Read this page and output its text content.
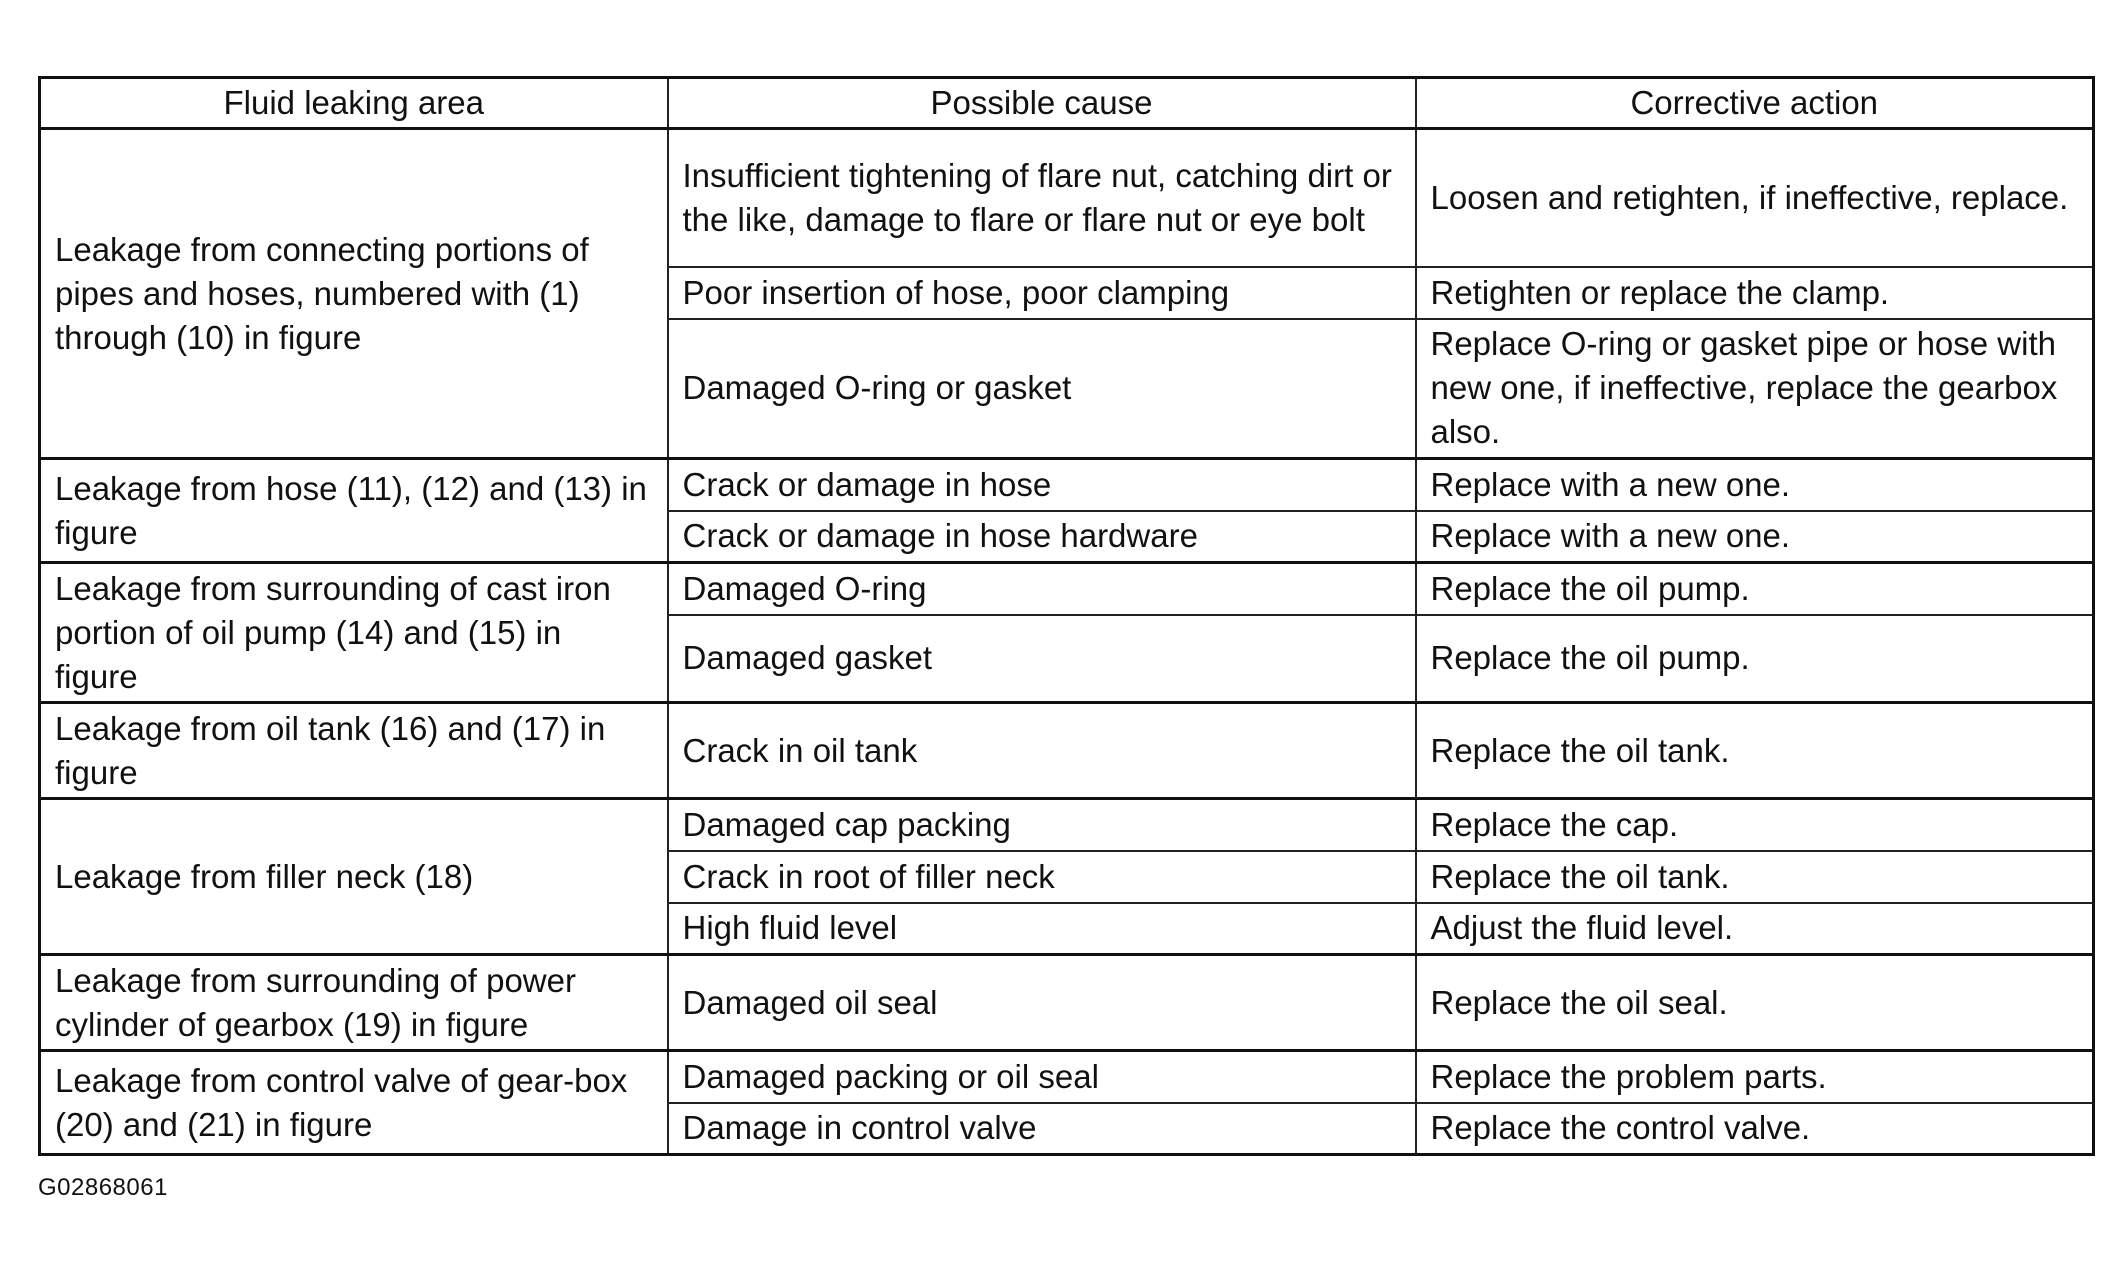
Fluid leaking area	Possible cause	Corrective action
Leakage from connecting portions of pipes and hoses, numbered with (1) through (10) in figure	Insufficient tightening of flare nut, catching dirt or the like, damage to flare or flare nut or eye bolt	Loosen and retighten, if ineffective, replace.
	Poor insertion of hose, poor clamping	Retighten or replace the clamp.
	Damaged O-ring or gasket	Replace O-ring or gasket pipe or hose with new one, if ineffective, replace the gearbox also.
Leakage from hose (11), (12) and (13) in figure	Crack or damage in hose	Replace with a new one.
	Crack or damage in hose hardware	Replace with a new one.
Leakage from surrounding of cast iron portion of oil pump (14) and (15) in figure	Damaged O-ring	Replace the oil pump.
	Damaged gasket	Replace the oil pump.
Leakage from oil tank (16) and (17) in figure	Crack in oil tank	Replace the oil tank.
Leakage from filler neck (18)	Damaged cap packing	Replace the cap.
	Crack in root of filler neck	Replace the oil tank.
	High fluid level	Adjust the fluid level.
Leakage from surrounding of power cylinder of gearbox (19) in figure	Damaged oil seal	Replace the oil seal.
Leakage from control valve of gear-box (20) and (21) in figure	Damaged packing or oil seal	Replace the problem parts.
	Damage in control valve	Replace the control valve.
G02868061
